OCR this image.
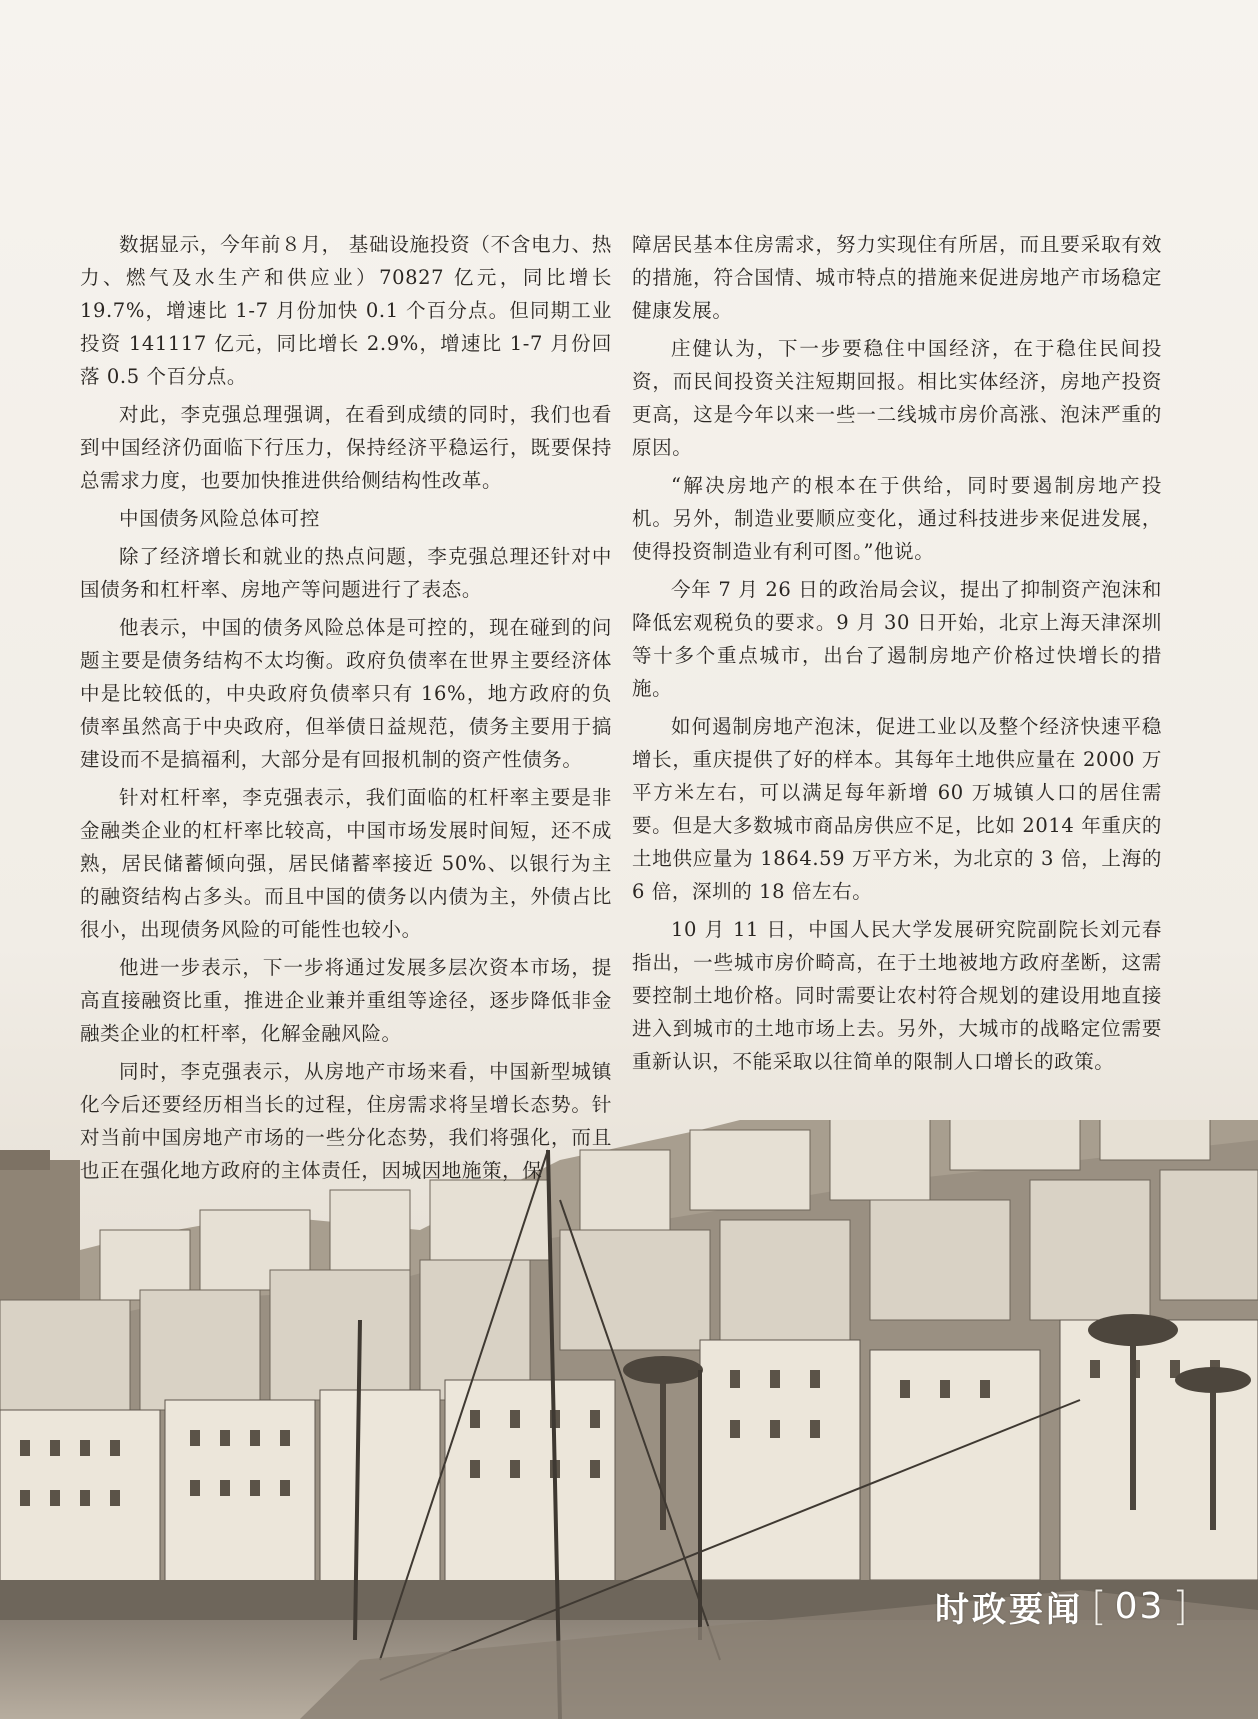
数据显示，今年前８月， 基础设施投资（不含电力、热力、燃气及水生产和供应业）70827 亿元，同比增长 19.7%，增速比 1-7 月份加快 0.1 个百分点。但同期工业投资 141117 亿元，同比增长 2.9%，增速比 1-7 月份回落 0.5 个百分点。

对此，李克强总理强调，在看到成绩的同时，我们也看到中国经济仍面临下行压力，保持经济平稳运行，既要保持总需求力度，也要加快推进供给侧结构性改革。

中国债务风险总体可控

除了经济增长和就业的热点问题，李克强总理还针对中国债务和杠杆率、房地产等问题进行了表态。

他表示，中国的债务风险总体是可控的，现在碰到的问题主要是债务结构不太均衡。政府负债率在世界主要经济体中是比较低的，中央政府负债率只有 16%，地方政府的负债率虽然高于中央政府，但举债日益规范，债务主要用于搞建设而不是搞福利，大部分是有回报机制的资产性债务。

针对杠杆率，李克强表示，我们面临的杠杆率主要是非金融类企业的杠杆率比较高，中国市场发展时间短，还不成熟，居民储蓄倾向强，居民储蓄率接近 50%、以银行为主的融资结构占多头。而且中国的债务以内债为主，外债占比很小，出现债务风险的可能性也较小。

他进一步表示，下一步将通过发展多层次资本市场，提高直接融资比重，推进企业兼并重组等途径，逐步降低非金融类企业的杠杆率，化解金融风险。

同时，李克强表示，从房地产市场来看，中国新型城镇化今后还要经历相当长的过程，住房需求将呈增长态势。针对当前中国房地产市场的一些分化态势，我们将强化，而且也正在强化地方政府的主体责任，因城因地施策，保

障居民基本住房需求，努力实现住有所居，而且要采取有效的措施，符合国情、城市特点的措施来促进房地产市场稳定健康发展。

庄健认为，下一步要稳住中国经济，在于稳住民间投资，而民间投资关注短期回报。相比实体经济，房地产投资更高，这是今年以来一些一二线城市房价高涨、泡沫严重的原因。

“解决房地产的根本在于供给，同时要遏制房地产投机。另外，制造业要顺应变化，通过科技进步来促进发展，使得投资制造业有利可图。”他说。

今年 7 月 26 日的政治局会议，提出了抑制资产泡沫和降低宏观税负的要求。9 月 30 日开始，北京上海天津深圳等十多个重点城市，出台了遏制房地产价格过快增长的措施。

如何遏制房地产泡沫，促进工业以及整个经济快速平稳增长，重庆提供了好的样本。其每年土地供应量在 2000 万平方米左右，可以满足每年新增 60 万城镇人口的居住需要。但是大多数城市商品房供应不足，比如 2014 年重庆的土地供应量为 1864.59 万平方米，为北京的 3 倍，上海的 6 倍，深圳的 18 倍左右。

10 月 11 日，中国人民大学发展研究院副院长刘元春指出，一些城市房价畸高，在于土地被地方政府垄断，这需要控制土地价格。同时需要让农村符合规划的建设用地直接进入到城市的土地市场上去。另外，大城市的战略定位需要重新认识，不能采取以往简单的限制人口增长的政策。

时政要闻 [ 03 ]
